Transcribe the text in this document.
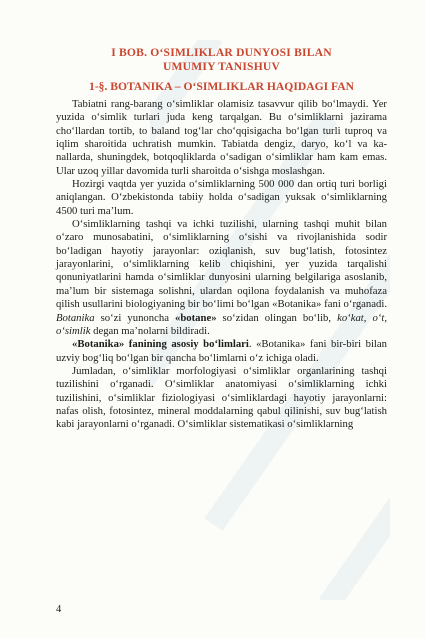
I BOB. O‘SIMLIKLAR DUNYOSI BILAN
UMUMIY TANISHUV
1-§. BOTANIKA – O‘SIMLIKLAR HAQIDAGI FAN

Tabiatni rang-barang o‘simliklar olamisiz tasavvur qilib bo‘lmaydi. Yer yuzida o‘simlik turlari juda keng tarqalgan. Bu o‘simliklarni jazirama cho‘llardan tortib, to baland tog‘lar cho‘qqisigacha bo‘lgan turli tuproq va iqlim sharoitida uchratish mumkin. Tabiatda dengiz, daryo, ko‘l va kanallarda, shuningdek, botqoqliklarda o‘sadigan o‘simliklar ham kam emas. Ular uzoq yillar davomida turli sharoitda o‘sishga moslashgan.

Hozirgi vaqtda yer yuzida o‘simliklarning 500 000 dan ortiq turi borligi aniqlangan. O‘zbekistonda tabiiy holda o‘sadigan yuksak o‘simliklarning 4500 turi ma’lum.

O‘simliklarning tashqi va ichki tuzilishi, ularning tashqi muhit bilan o‘zaro munosabatini, o‘simliklarning o‘sishi va rivojlanishida sodir bo‘ladigan hayotiy jarayonlar: oziqlanish, suv bug‘latish, fotosintez jarayonlarini, o‘simliklarning kelib chiqishini, yer yuzida tarqalishi qonuniyatlarini hamda o‘simliklar dunyosini ularning belgilariga asoslanib, ma’lum bir sistemaga solishni, ulardan oqilona foydalanish va muhofaza qilish usullarini biologiyaning bir bo‘limi bo‘lgan «Botanika» fani o‘rganadi. Botanika so‘zi yunoncha «botane» so‘zidan olingan bo‘lib, ko‘kat, o‘t, o‘simlik degan ma’nolarni bildiradi.

«Botanika» fanining asosiy bo‘limlari. «Botanika» fani bir-biri bilan uzviy bog‘liq bo‘lgan bir qancha bo‘limlarni o‘z ichiga oladi.

Jumladan, o‘simliklar morfologiyasi o‘simliklar organlarining tashqi tuzilishini o‘rganadi. O‘simliklar anatomiyasi o‘simliklarning ichki tuzilishini, o‘simliklar fiziologiyasi o‘simliklardagi hayotiy jarayonlarni: nafas olish, fotosintez, mineral moddalarning qabul qilinishi, suv bug‘latish kabi jarayonlarni o‘rganadi. O‘simliklar sistematikasi o‘simliklarning

4
